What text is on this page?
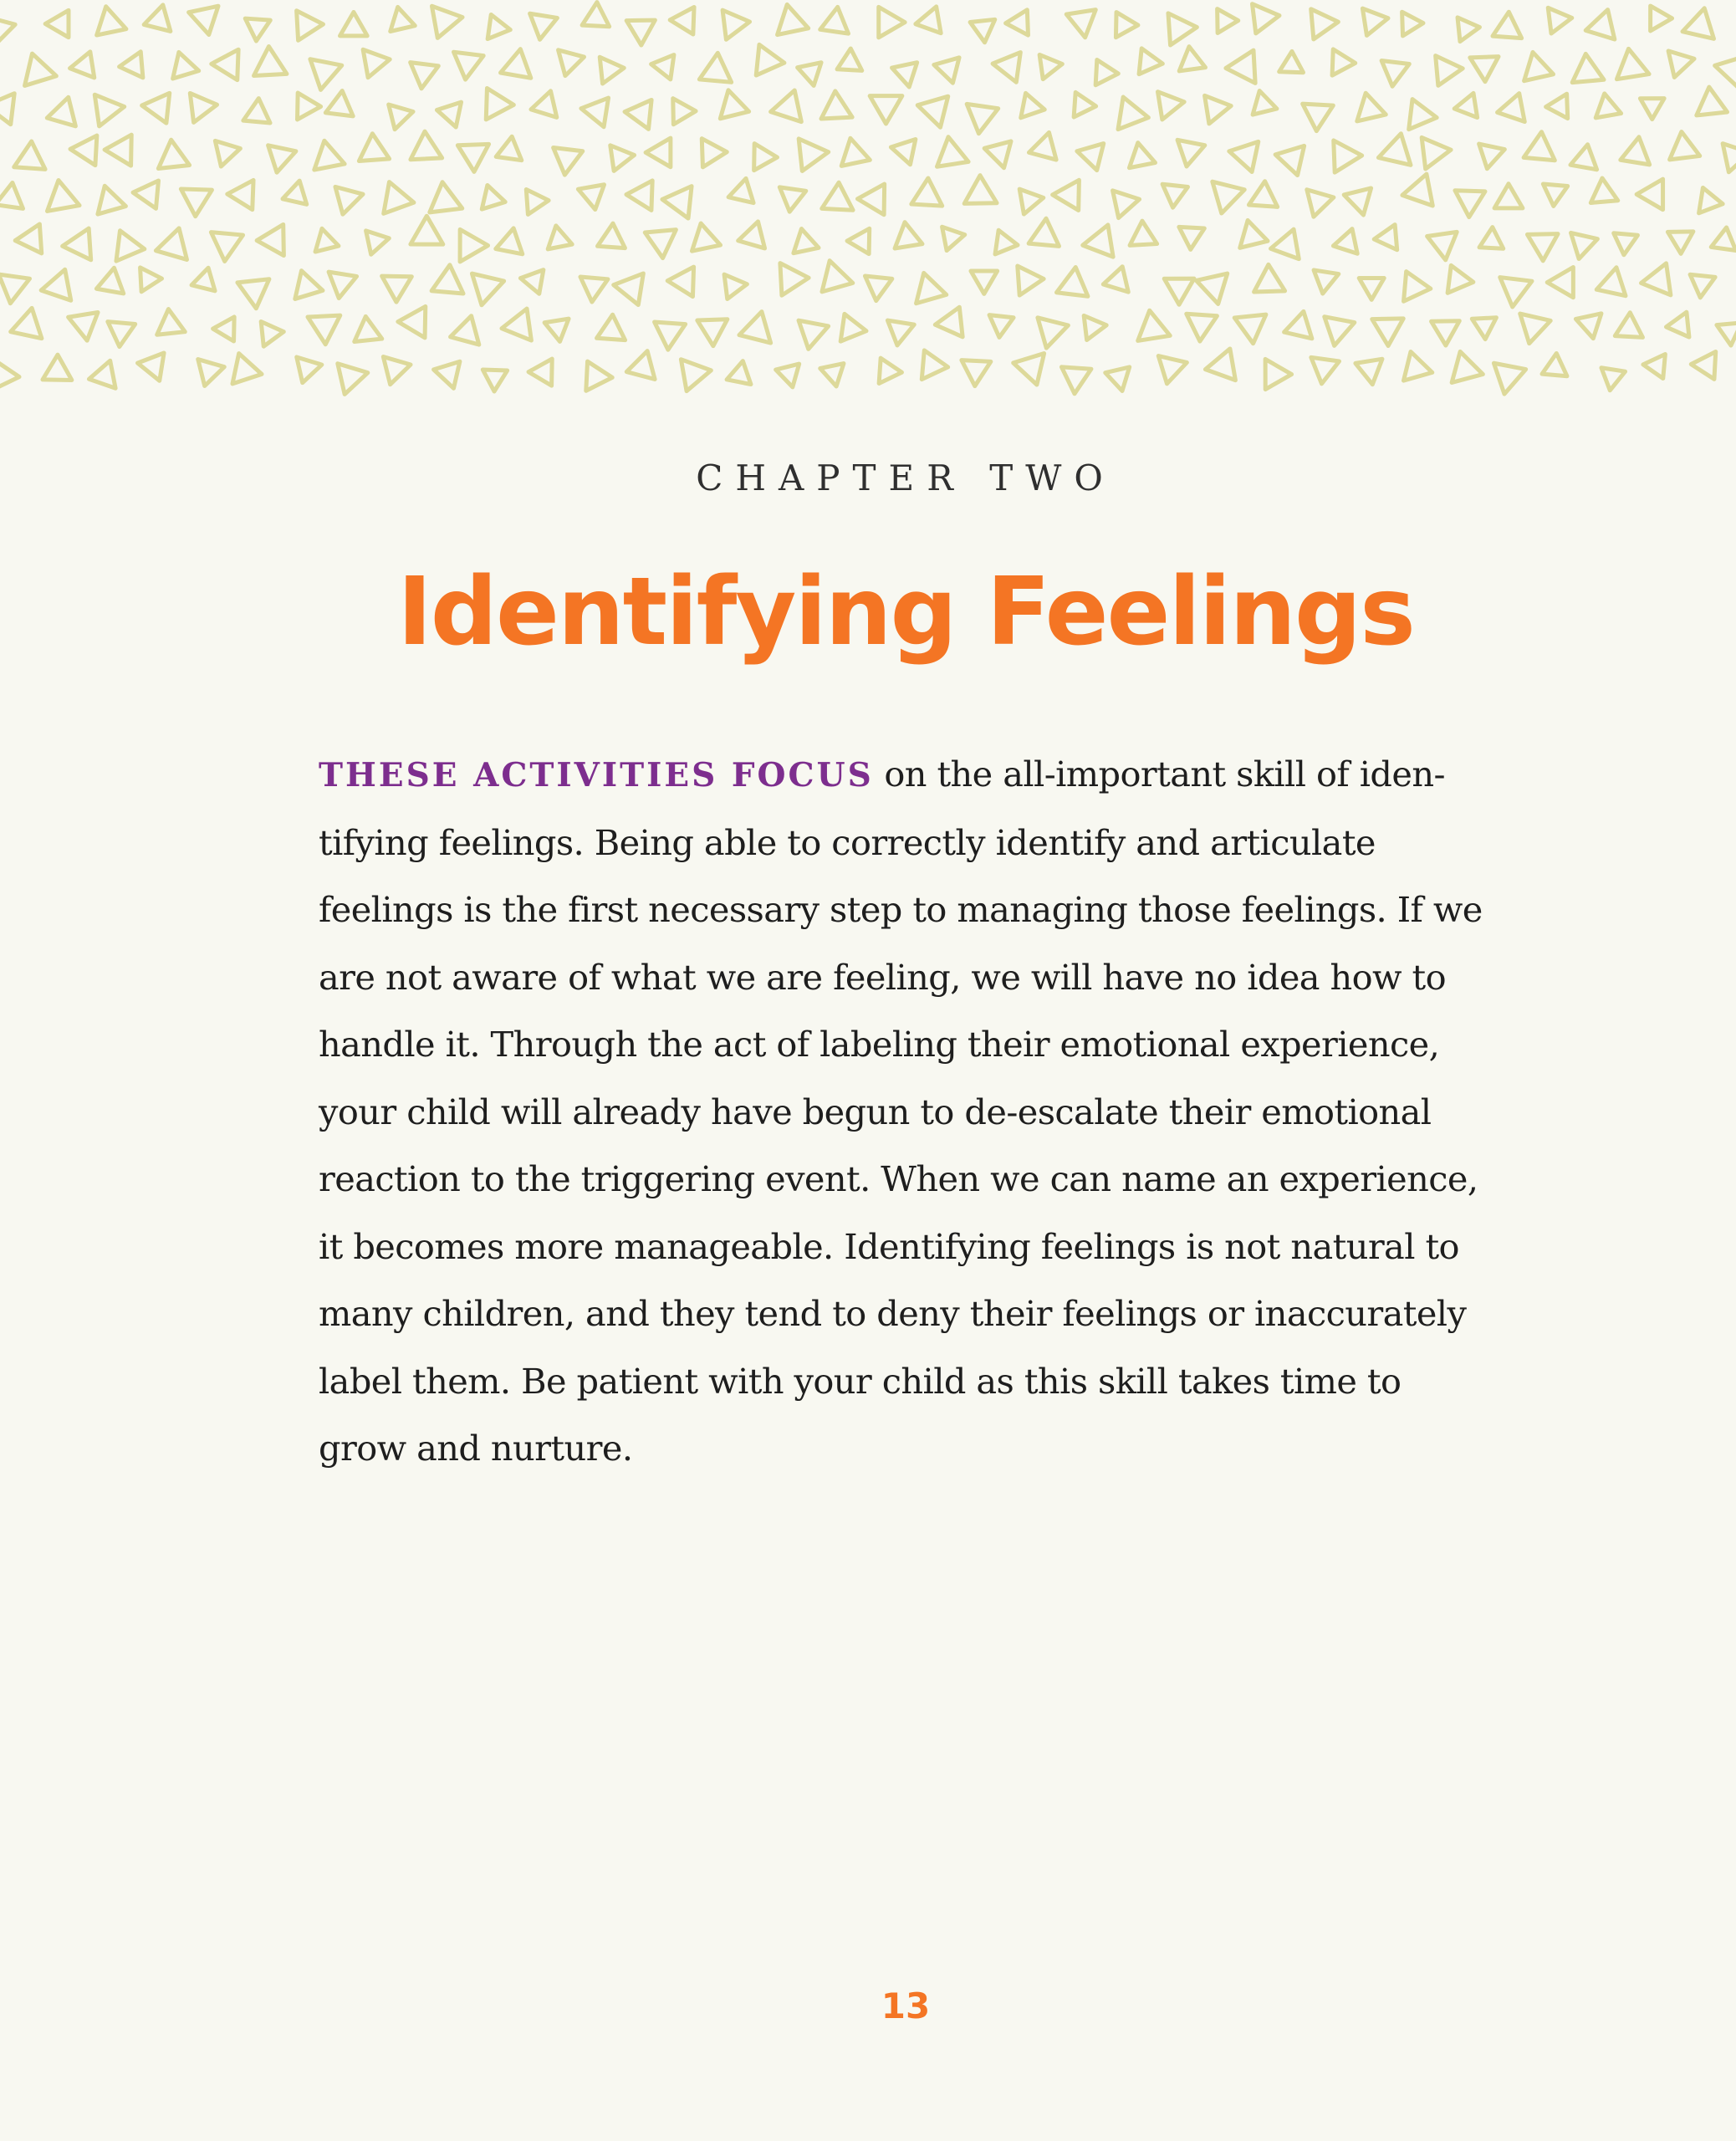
CHAPTER TWO
Identifying Feelings

THESE ACTIVITIES FOCUS on the all-important skill of iden-
tifying feelings. Being able to correctly identify and articulate
feelings is the first necessary step to managing those feelings. If we
are not aware of what we are feeling, we will have no idea how to
handle it. Through the act of labeling their emotional experience,
your child will already have begun to de-escalate their emotional
reaction to the triggering event. When we can name an experience,
it becomes more manageable. Identifying feelings is not natural to
many children, and they tend to deny their feelings or inaccurately
label them. Be patient with your child as this skill takes time to
grow and nurture.

13
